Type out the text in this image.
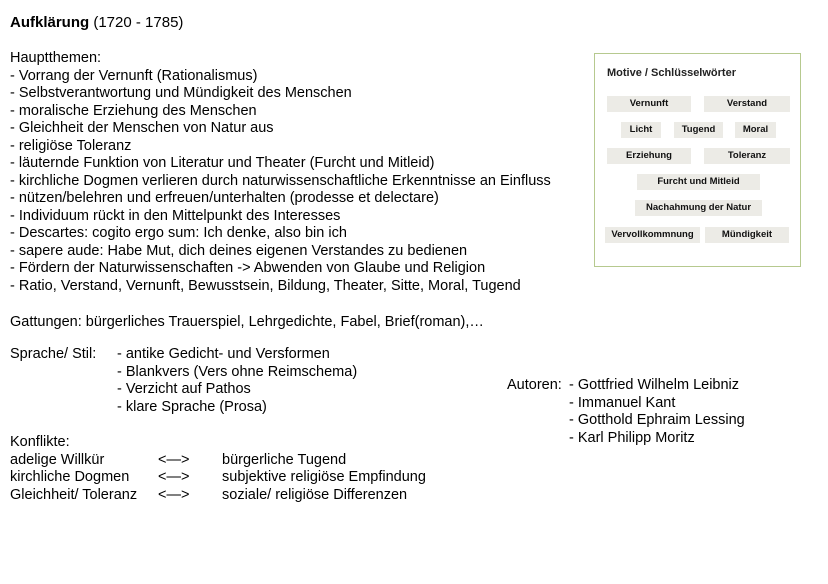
Aufklärung (1720 - 1785)
Hauptthemen:
- Vorrang der Vernunft (Rationalismus)
- Selbstverantwortung und Mündigkeit des Menschen
- moralische Erziehung des Menschen
- Gleichheit der Menschen von Natur aus
- religiöse Toleranz
- läuternde Funktion von Literatur und Theater (Furcht und Mitleid)
- kirchliche Dogmen verlieren durch naturwissenschaftliche Erkenntnisse an Einfluss
- nützen/belehren und erfreuen/unterhalten (prodesse et delectare)
- Individuum rückt in den Mittelpunkt des Interesses
- Descartes: cogito ergo sum: Ich denke, also bin ich
- sapere aude: Habe Mut, dich deines eigenen Verstandes zu bedienen
- Fördern der Naturwissenschaften -> Abwenden von Glaube und Religion
- Ratio, Verstand, Vernunft, Bewusstsein, Bildung, Theater, Sitte, Moral, Tugend
Gattungen: bürgerliches Trauerspiel, Lehrgedichte, Fabel, Brief(roman),…
Sprache/ Stil: - antike Gedicht- und Versformen
- Blankvers (Vers ohne Reimschema)
- Verzicht auf Pathos
- klare Sprache (Prosa)
Autoren: - Gottfried Wilhelm Leibniz
- Immanuel Kant
- Gotthold Ephraim Lessing
- Karl Philipp Moritz
Konflikte:
adelige Willkür	<—> bürgerliche Tugend
kirchliche Dogmen <—> subjektive religiöse Empfindung
Gleichheit/ Toleranz <—> soziale/ religiöse Differenzen
Motive / Schlüsselwörter
Vernunft	Verstand
Licht	Tugend	Moral
Erziehung	Toleranz
Furcht und Mitleid
Nachahmung der Natur
Vervollkommnung	Mündigkeit
